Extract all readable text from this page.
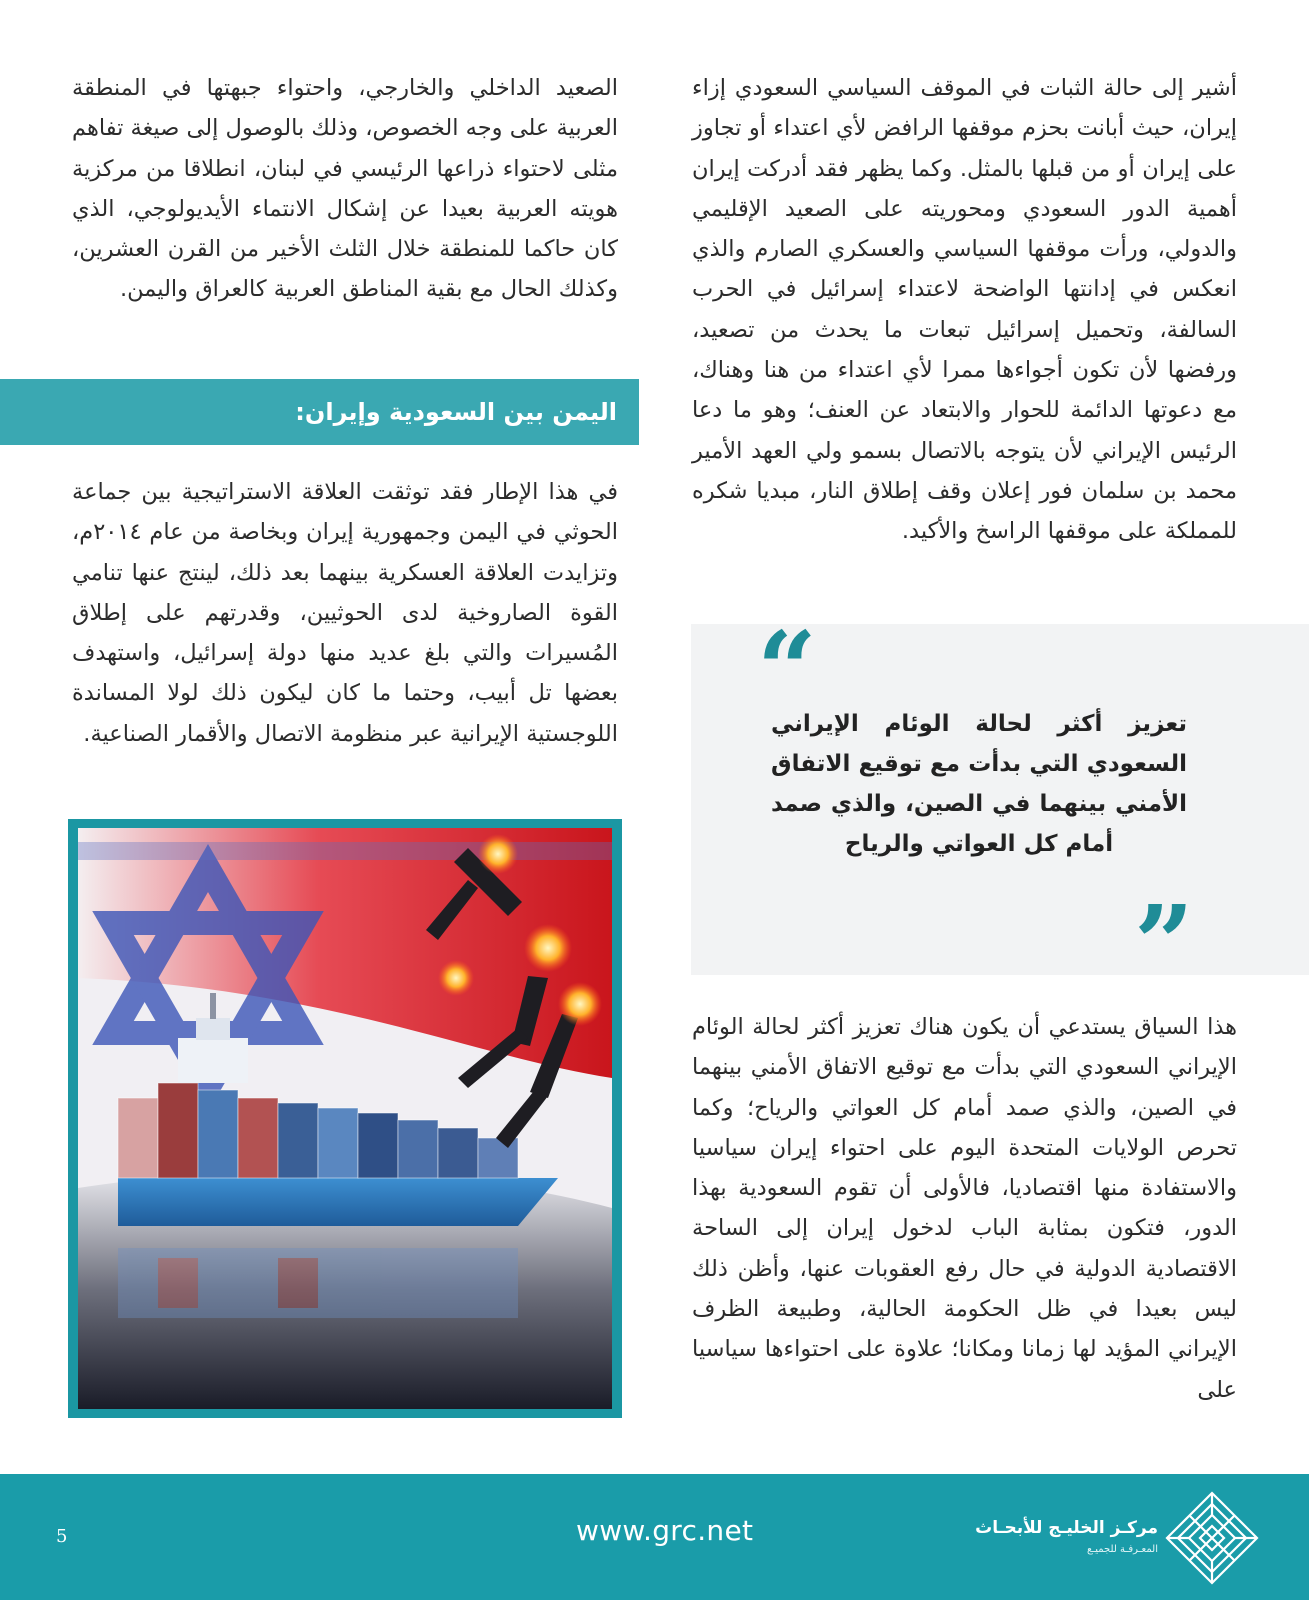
أشير إلى حالة الثبات في الموقف السياسي السعودي إزاء إيران، حيث أبانت بحزم موقفها الرافض لأي اعتداء أو تجاوز على إيران أو من قبلها بالمثل. وكما يظهر فقد أدركت إيران أهمية الدور السعودي ومحوريته على الصعيد الإقليمي والدولي، ورأت موقفها السياسي والعسكري الصارم والذي انعكس في إدانتها الواضحة لاعتداء إسرائيل في الحرب السالفة، وتحميل إسرائيل تبعات ما يحدث من تصعيد، ورفضها لأن تكون أجواءها ممرا لأي اعتداء من هنا وهناك، مع دعوتها الدائمة للحوار والابتعاد عن العنف؛ وهو ما دعا الرئيس الإيراني لأن يتوجه بالاتصال بسمو ولي العهد الأمير محمد بن سلمان فور إعلان وقف إطلاق النار، مبديا شكره للمملكة على موقفها الراسخ والأكيد.

“

تعزيز أكثر لحالة الوئام الإيراني السعودي التي بدأت مع توقيع الاتفاق الأمني بينهما في الصين، والذي صمد أمام كل العواتي والرياح

”

هذا السياق يستدعي أن يكون هناك تعزيز أكثر لحالة الوئام الإيراني السعودي التي بدأت مع توقيع الاتفاق الأمني بينهما في الصين، والذي صمد أمام كل العواتي والرياح؛ وكما تحرص الولايات المتحدة اليوم على احتواء إيران سياسيا والاستفادة منها اقتصاديا، فالأولى أن تقوم السعودية بهذا الدور، فتكون بمثابة الباب لدخول إيران إلى الساحة الاقتصادية الدولية في حال رفع العقوبات عنها، وأظن ذلك ليس بعيدا في ظل الحكومة الحالية، وطبيعة الظرف الإيراني المؤيد لها زمانا ومكانا؛ علاوة على احتواءها سياسيا على

الصعيد الداخلي والخارجي، واحتواء جبهتها في المنطقة العربية على وجه الخصوص، وذلك بالوصول إلى صيغة تفاهم مثلى لاحتواء ذراعها الرئيسي في لبنان، انطلاقا من مركزية هويته العربية بعيدا عن إشكال الانتماء الأيديولوجي، الذي كان حاكما للمنطقة خلال الثلث الأخير من القرن العشرين، وكذلك الحال مع بقية المناطق العربية كالعراق واليمن.

اليمن بين السعودية وإيران:

في هذا الإطار فقد توثقت العلاقة الاستراتيجية بين جماعة الحوثي في اليمن وجمهورية إيران وبخاصة من عام ٢٠١٤م، وتزايدت العلاقة العسكرية بينهما بعد ذلك، لينتج عنها تنامي القوة الصاروخية لدى الحوثيين، وقدرتهم على إطلاق المُسيرات والتي بلغ عديد منها دولة إسرائيل، واستهدف بعضها تل أبيب، وحتما ما كان ليكون ذلك لولا المساندة اللوجستية الإيرانية عبر منظومة الاتصال والأقمار الصناعية.

5	www.grc.net	مركـز الخليـج للأبحـاث
المعـرفـة للجميـع
